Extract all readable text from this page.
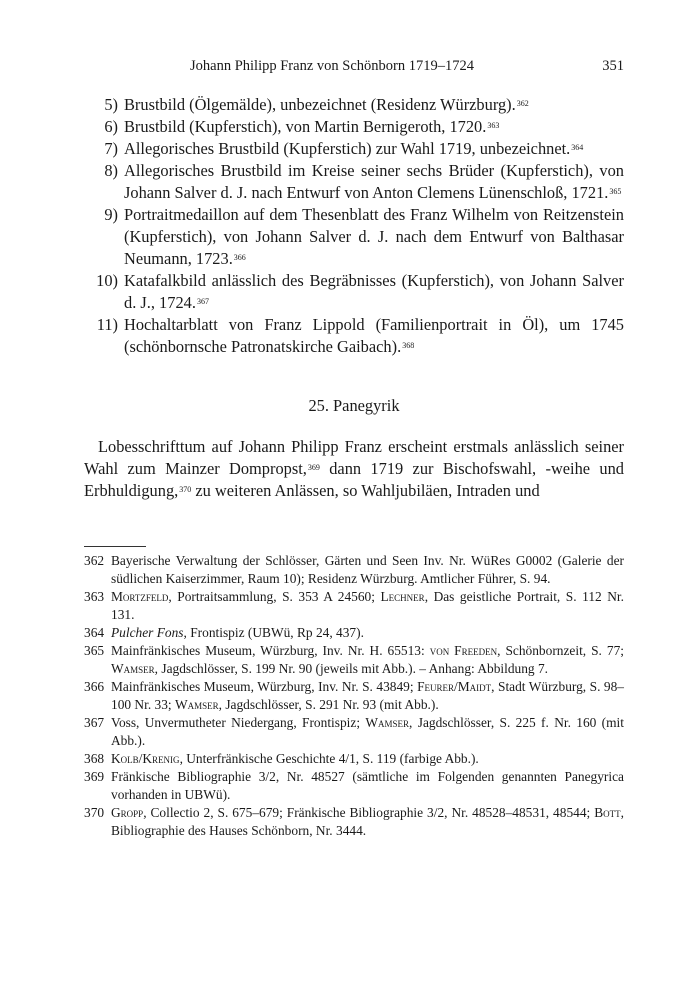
Johann Philipp Franz von Schönborn 1719–1724	351
5) Brustbild (Ölgemälde), unbezeichnet (Residenz Würzburg).$^{362}$
6) Brustbild (Kupferstich), von Martin Bernigeroth, 1720.$^{363}$
7) Allegorisches Brustbild (Kupferstich) zur Wahl 1719, unbezeichnet.$^{364}$
8) Allegorisches Brustbild im Kreise seiner sechs Brüder (Kupferstich), von Johann Salver d. J. nach Entwurf von Anton Clemens Lünenschloß, 1721.$^{365}$
9) Portraitmedaillon auf dem Thesenblatt des Franz Wilhelm von Reitzenstein (Kupferstich), von Johann Salver d. J. nach dem Entwurf von Balthasar Neumann, 1723.$^{366}$
10) Katafalkbild anlässlich des Begräbnisses (Kupferstich), von Johann Salver d. J., 1724.$^{367}$
11) Hochaltarblatt von Franz Lippold (Familienportrait in Öl), um 1745 (schönbornsche Patronatskirche Gaibach).$^{368}$
25. Panegyrik
Lobesschrifttum auf Johann Philipp Franz erscheint erstmals anlässlich seiner Wahl zum Mainzer Dompropst,$^{369}$ dann 1719 zur Bischofswahl, -weihe und Erbhuldigung,$^{370}$ zu weiteren Anlässen, so Wahljubiläen, Intraden und
362 Bayerische Verwaltung der Schlösser, Gärten und Seen Inv. Nr. WüRes G0002 (Galerie der südlichen Kaiserzimmer, Raum 10); Residenz Würzburg. Amtlicher Führer, S. 94.
363 Mortzfeld, Portraitsammlung, S. 353 A 24560; Lechner, Das geistliche Portrait, S. 112 Nr. 131.
364 Pulcher Fons, Frontispiz (UBWü, Rp 24, 437).
365 Mainfränkisches Museum, Würzburg, Inv. Nr. H. 65513: von Freeden, Schönbornzeit, S. 77; Wamser, Jagdschlösser, S. 199 Nr. 90 (jeweils mit Abb.). – Anhang: Abbildung 7.
366 Mainfränkisches Museum, Würzburg, Inv. Nr. S. 43849; Feurer/Maidt, Stadt Würzburg, S. 98–100 Nr. 33; Wamser, Jagdschlösser, S. 291 Nr. 93 (mit Abb.).
367 Voss, Unvermutheter Niedergang, Frontispiz; Wamser, Jagdschlösser, S. 225 f. Nr. 160 (mit Abb.).
368 Kolb/Krenig, Unterfränkische Geschichte 4/1, S. 119 (farbige Abb.).
369 Fränkische Bibliographie 3/2, Nr. 48527 (sämtliche im Folgenden genannten Panegyrica vorhanden in UBWü).
370 Gropp, Collectio 2, S. 675–679; Fränkische Bibliographie 3/2, Nr. 48528–48531, 48544; Bott, Bibliographie des Hauses Schönborn, Nr. 3444.
